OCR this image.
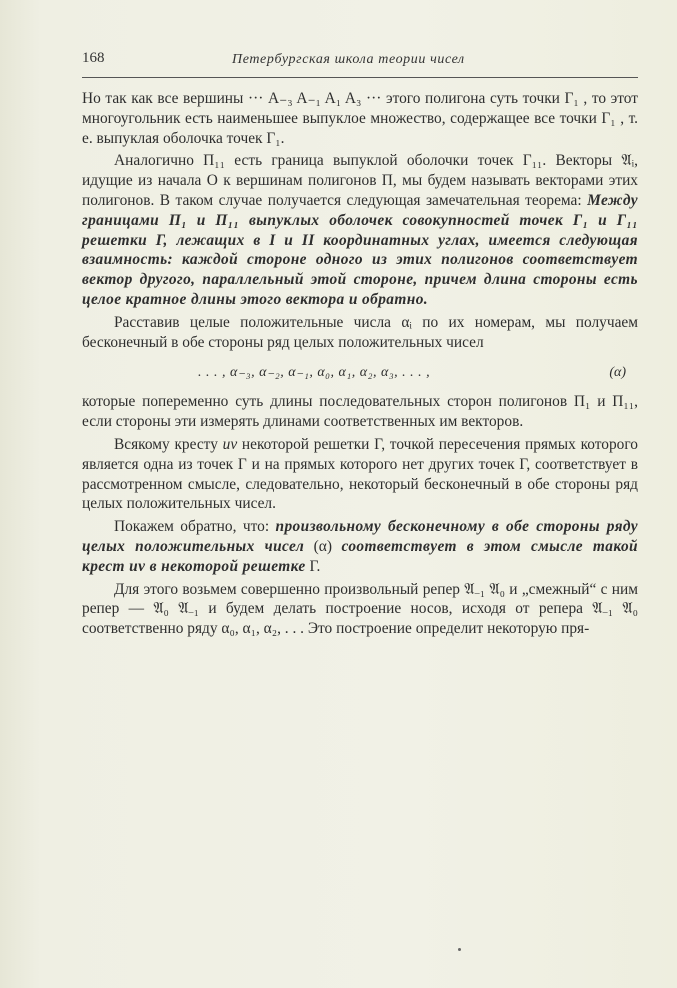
168	Петербургская школа теории чисел

Но так как все вершины ··· A₋₃ A₋₁ A₁ A₃ ··· этого полигона суть точки Γ₁ , то этот многоугольник есть наименьшее выпуклое множество, содержащее все точки Γ₁ , т. е. выпуклая оболочка точек Γ₁.

Аналогично Π₁₁ есть граница выпуклой оболочки точек Γ₁₁. Векторы 𝔄ᵢ, идущие из начала O к вершинам полигонов Π, мы будем называть векторами этих полигонов. В таком случае получается следующая замечательная теорема: Между границами Π₁ и Π₁₁ выпуклых оболочек совокупностей точек Γ₁ и Γ₁₁ решетки Γ, лежащих в I и II координатных углах, имеется следующая взаимность: каждой стороне одного из этих полигонов соответствует вектор другого, параллельный этой стороне, причем длина стороны есть целое кратное длины этого вектора и обратно.

Расставив целые положительные числа αᵢ по их номерам, мы получаем бесконечный в обе стороны ряд целых положительных чисел

. . . , α₋₃, α₋₂, α₋₁, α₀, α₁, α₂, α₃, . . . ,	(α)

которые попеременно суть длины последовательных сторон полигонов Π₁ и Π₁₁, если стороны эти измерять длинами соответственных им векторов.

Всякому кресту uv некоторой решетки Γ, точкой пересечения прямых которого является одна из точек Γ и на прямых которого нет других точек Γ, соответствует в рассмотренном смысле, следовательно, некоторый бесконечный в обе стороны ряд целых положительных чисел.

Покажем обратно, что: произвольному бесконечному в обе стороны ряду целых положительных чисел (α) соответствует в этом смысле такой крест uv в некоторой решетке Γ.

Для этого возьмем совершенно произвольный репер 𝔄₋₁ 𝔄₀ и „смежный“ с ним репер — 𝔄₀ 𝔄₋₁ и будем делать построение носов, исходя от репера 𝔄₋₁ 𝔄₀ соответственно ряду α₀, α₁, α₂, . . . Это построение определит некоторую пря-
